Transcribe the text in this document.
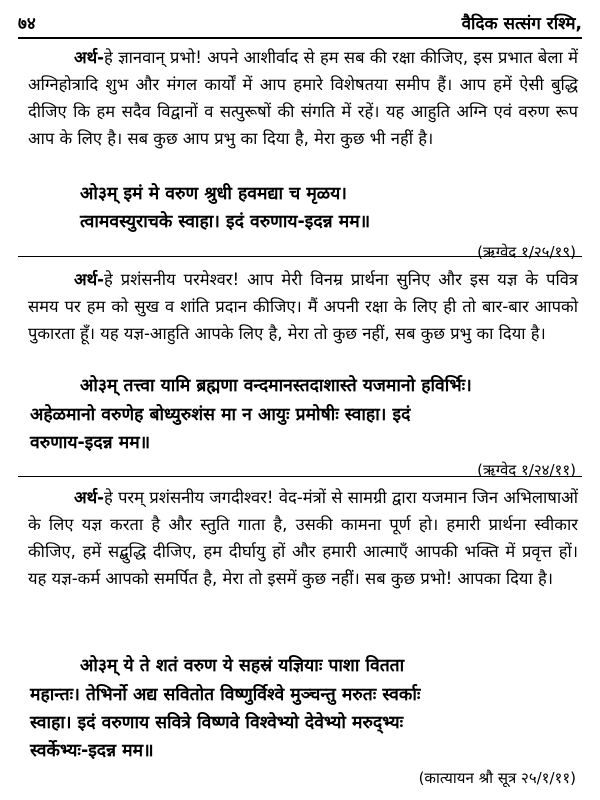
७४	वैदिक सत्संग रश्मि,
अर्थ-हे ज्ञानवान् प्रभो! अपने आशीर्वाद से हम सब की रक्षा कीजिए, इस प्रभात बेला में अग्निहोत्रादि शुभ और मंगल कार्यों में आप हमारे विशेषतया समीप हैं। आप हमें ऐसी बुद्धि दीजिए कि हम सदैव विद्वानों व सत्पुरूषों की संगति में रहें। यह आहुति अग्नि एवं वरुण रूप आप के लिए है। सब कुछ आप प्रभु का दिया है, मेरा कुछ भी नहीं है।
ओ३म् इमं मे वरुण श्रुधी हवमद्या च मृळय।
त्वामवस्युराचके स्वाहा। इदं वरुणाय-इदन्न मम॥
(ऋग्वेद १/२५/१९)
अर्थ-हे प्रशंसनीय परमेश्वर! आप मेरी विनम्र प्रार्थना सुनिए और इस यज्ञ के पवित्र समय पर हम को सुख व शांति प्रदान कीजिए। मैं अपनी रक्षा के लिए ही तो बार-बार आपको पुकारता हूँ। यह यज्ञ-आहुति आपके लिए है, मेरा तो कुछ नहीं, सब कुछ प्रभु का दिया है।
ओ३म् तत्त्वा यामि ब्रह्मणा वन्दमानस्तदाशास्ते यजमानो हविर्भिः।
अहेळमानो वरुणेह बोध्युरुशंस मा न आयुः प्रमोषीः स्वाहा। इदं
वरुणाय-इदन्न मम॥
(ऋग्वेद १/२४/११)
अर्थ-हे परम् प्रशंसनीय जगदीश्वर! वेद-मंत्रों से सामग्री द्वारा यजमान जिन अभिलाषाओं के लिए यज्ञ करता है और स्तुति गाता है, उसकी कामना पूर्ण हो। हमारी प्रार्थना स्वीकार कीजिए, हमें सद्बुद्धि दीजिए, हम दीर्घायु हों और हमारी आत्माएँ आपकी भक्ति में प्रवृत्त हों। यह यज्ञ-कर्म आपको समर्पित है, मेरा तो इसमें कुछ नहीं। सब कुछ प्रभो! आपका दिया है।
ओ३म् ये ते शतं वरुण ये सहस्रं यज्ञियाः पाशा वितता
महान्तः। तेभिर्नो अद्य सवितोत विष्णुर्विश्वे मुञ्चन्तु मरुतः स्वर्काः
स्वाहा। इदं वरुणाय सवित्रे विष्णवे विश्वेभ्यो देवेभ्यो मरुद्भ्यः
स्वर्केभ्यः-इदन्न मम॥
(कात्यायन श्रौ सूत्र २५/१/११)
